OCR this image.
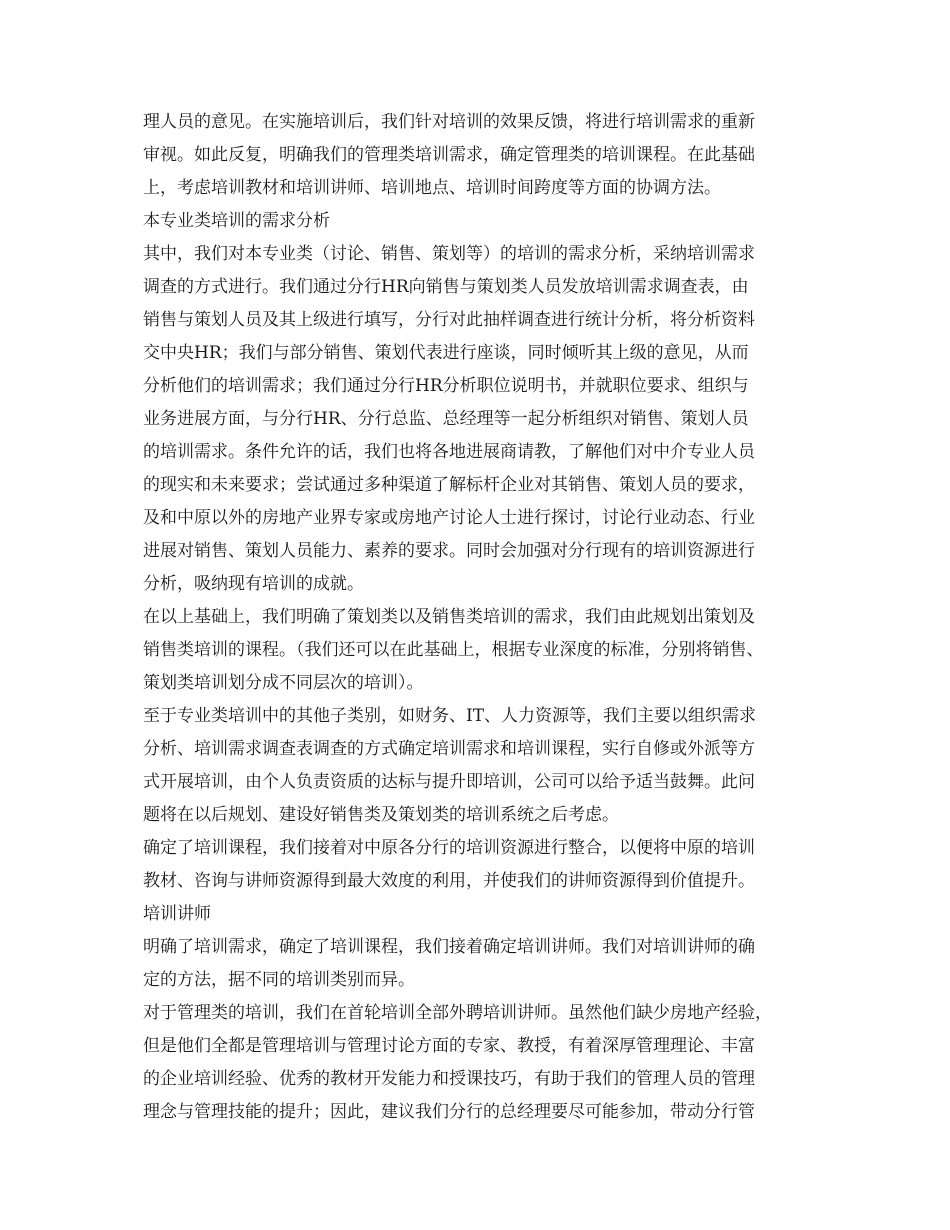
理人员的意见。在实施培训后，我们针对培训的效果反馈，将进行培训需求的重新
审视。如此反复，明确我们的管理类培训需求，确定管理类的培训课程。在此基础
上，考虑培训教材和培训讲师、培训地点、培训时间跨度等方面的协调方法。
本专业类培训的需求分析
其中，我们对本专业类（讨论、销售、策划等）的培训的需求分析，采纳培训需求
调查的方式进行。我们通过分行HR向销售与策划类人员发放培训需求调查表，由
销售与策划人员及其上级进行填写，分行对此抽样调查进行统计分析，将分析资料
交中央HR；我们与部分销售、策划代表进行座谈，同时倾听其上级的意见，从而
分析他们的培训需求；我们通过分行HR分析职位说明书，并就职位要求、组织与
业务进展方面，与分行HR、分行总监、总经理等一起分析组织对销售、策划人员
的培训需求。条件允许的话，我们也将各地进展商请教，了解他们对中介专业人员
的现实和未来要求；尝试通过多种渠道了解标杆企业对其销售、策划人员的要求，
及和中原以外的房地产业界专家或房地产讨论人士进行探讨，讨论行业动态、行业
进展对销售、策划人员能力、素养的要求。同时会加强对分行现有的培训资源进行
分析，吸纳现有培训的成就。
在以上基础上，我们明确了策划类以及销售类培训的需求，我们由此规划出策划及
销售类培训的课程。（我们还可以在此基础上，根据专业深度的标准，分别将销售、
策划类培训划分成不同层次的培训）。
至于专业类培训中的其他子类别，如财务、IT、人力资源等，我们主要以组织需求
分析、培训需求调查表调查的方式确定培训需求和培训课程，实行自修或外派等方
式开展培训，由个人负责资质的达标与提升即培训，公司可以给予适当鼓舞。此问
题将在以后规划、建设好销售类及策划类的培训系统之后考虑。
确定了培训课程，我们接着对中原各分行的培训资源进行整合，以便将中原的培训
教材、咨询与讲师资源得到最大效度的利用，并使我们的讲师资源得到价值提升。
培训讲师
明确了培训需求，确定了培训课程，我们接着确定培训讲师。我们对培训讲师的确
定的方法，据不同的培训类别而异。
对于管理类的培训，我们在首轮培训全部外聘培训讲师。虽然他们缺少房地产经验，
但是他们全都是管理培训与管理讨论方面的专家、教授，有着深厚管理理论、丰富
的企业培训经验、优秀的教材开发能力和授课技巧，有助于我们的管理人员的管理
理念与管理技能的提升；因此，建议我们分行的总经理要尽可能参加，带动分行管
